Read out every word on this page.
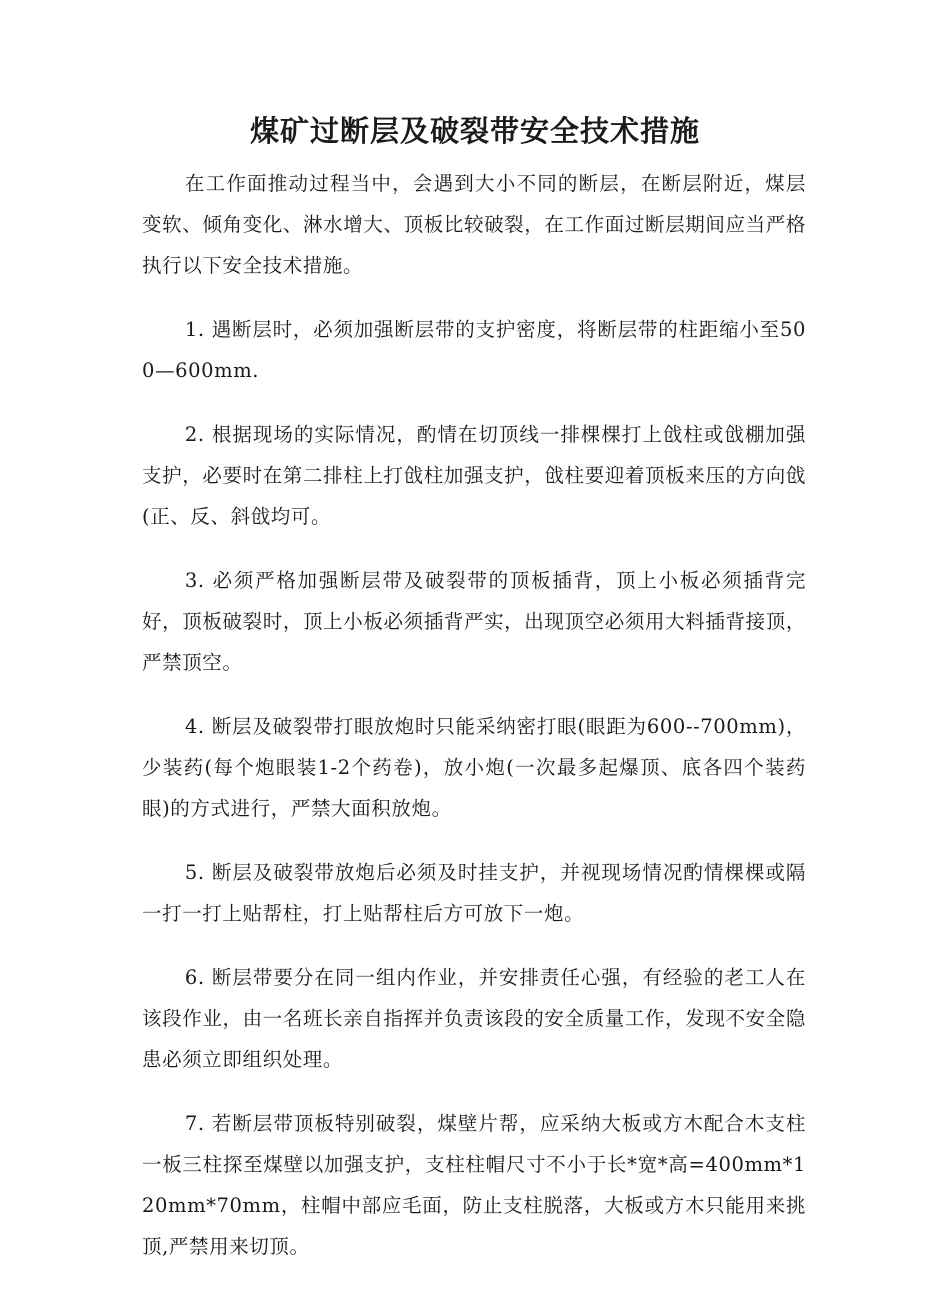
煤矿过断层及破裂带安全技术措施

在工作面推动过程当中，会遇到大小不同的断层，在断层附近，煤层变软、倾角变化、淋水增大、顶板比较破裂，在工作面过断层期间应当严格执行以下安全技术措施。

1. 遇断层时，必须加强断层带的支护密度，将断层带的柱距缩小至500—600mm.

2. 根据现场的实际情况，酌情在切顶线一排棵棵打上戗柱或戗棚加强支护，必要时在第二排柱上打戗柱加强支护，戗柱要迎着顶板来压的方向戗(正、反、斜戗均可。

3. 必须严格加强断层带及破裂带的顶板插背，顶上小板必须插背完好，顶板破裂时，顶上小板必须插背严实，出现顶空必须用大料插背接顶，严禁顶空。

4. 断层及破裂带打眼放炮时只能采纳密打眼(眼距为600--700mm)，少装药(每个炮眼装1-2个药卷)，放小炮(一次最多起爆顶、底各四个装药眼)的方式进行，严禁大面积放炮。

5. 断层及破裂带放炮后必须及时挂支护，并视现场情况酌情棵棵或隔一打一打上贴帮柱，打上贴帮柱后方可放下一炮。

6. 断层带要分在同一组内作业，并安排责任心强，有经验的老工人在该段作业，由一名班长亲自指挥并负责该段的安全质量工作，发现不安全隐患必须立即组织处理。

7. 若断层带顶板特别破裂，煤壁片帮，应采纳大板或方木配合木支柱一板三柱探至煤壁以加强支护，支柱柱帽尺寸不小于长*宽*高=400mm*120mm*70mm，柱帽中部应毛面，防止支柱脱落，大板或方木只能用来挑顶,严禁用来切顶。
